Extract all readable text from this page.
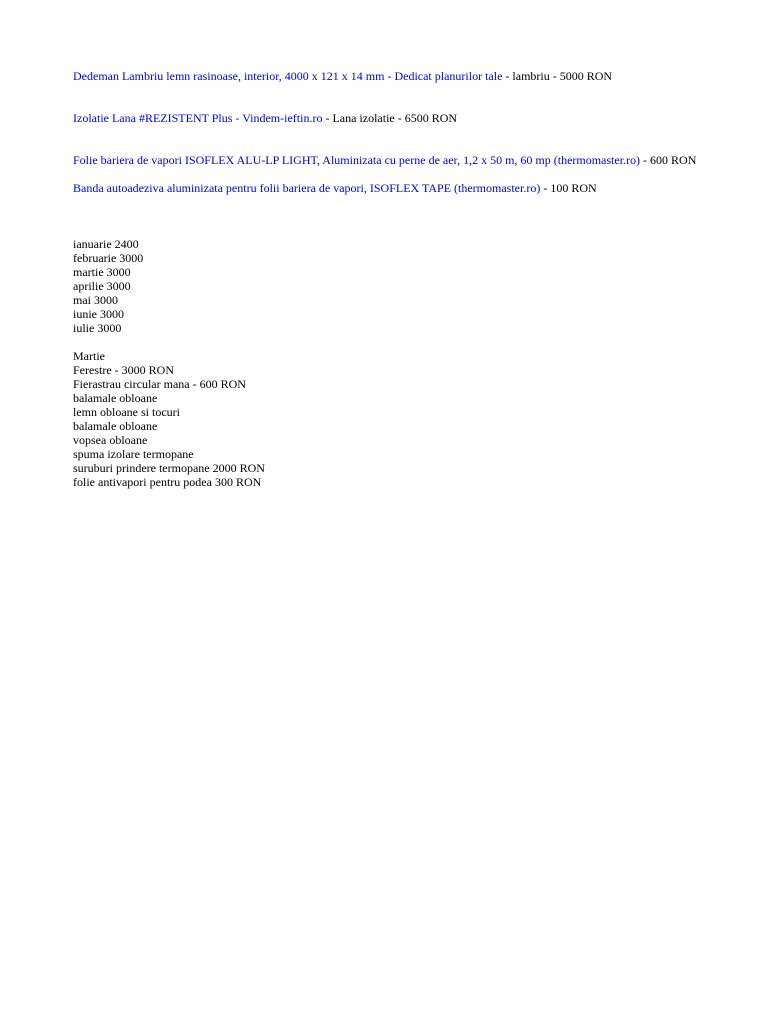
Dedeman Lambriu lemn rasinoase, interior, 4000 x 121 x 14 mm - Dedicat planurilor tale - lambriu - 5000 RON

Izolatie Lana #REZISTENT Plus - Vindem-ieftin.ro - Lana izolatie - 6500 RON

Folie bariera de vapori ISOFLEX ALU-LP LIGHT, Aluminizata cu perne de aer, 1,2 x 50 m, 60 mp (thermomaster.ro) - 600 RON

Banda autoadeziva aluminizata pentru folii bariera de vapori, ISOFLEX TAPE (thermomaster.ro) - 100 RON

ianuarie 2400
februarie 3000
martie 3000
aprilie 3000
mai 3000
iunie 3000
iulie 3000
Martie
Ferestre - 3000 RON
Fierastrau circular mana - 600 RON
balamale obloane
lemn obloane si tocuri
balamale obloane
vopsea obloane
spuma izolare termopane
suruburi prindere termopane 2000 RON
folie antivapori pentru podea 300 RON
